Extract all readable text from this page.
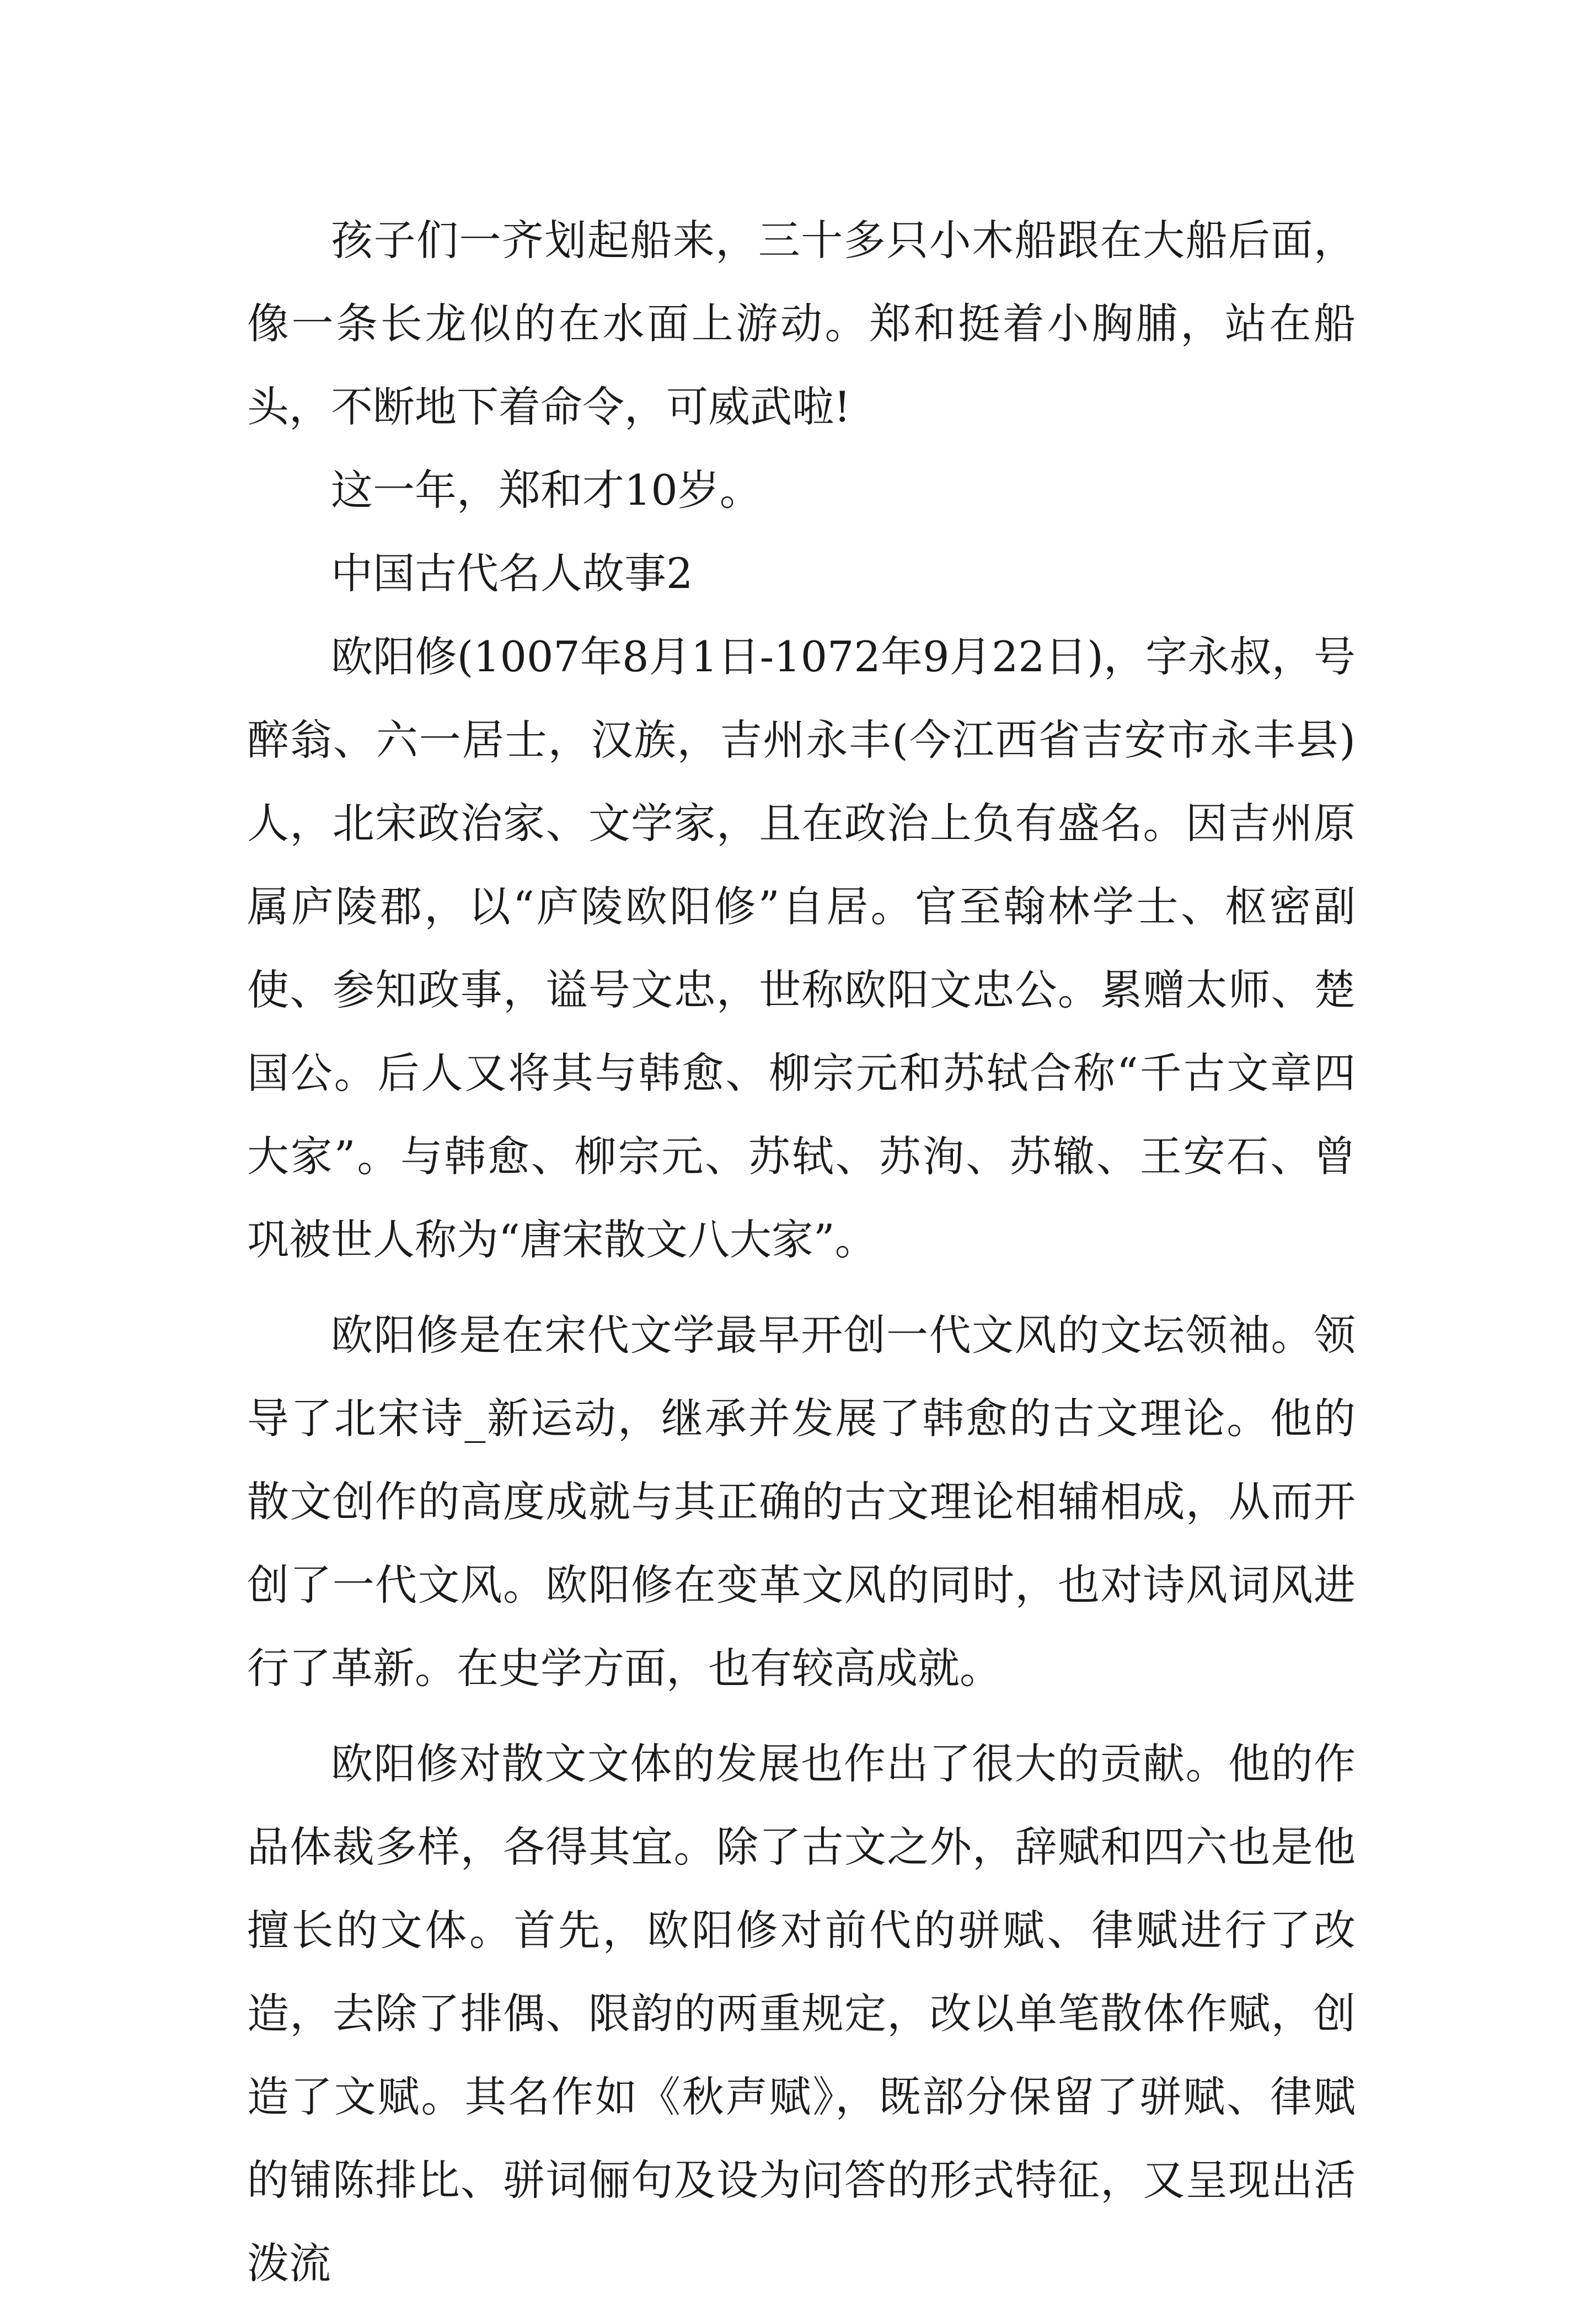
孩子们一齐划起船来，三十多只小木船跟在大船后面，像一条长龙似的在水面上游动。郑和挺着小胸脯，站在船头，不断地下着命令，可威武啦!

这一年，郑和才10岁。

中国古代名人故事2

欧阳修(1007年8月1日-1072年9月22日)，字永叔，号醉翁、六一居士，汉族，吉州永丰(今江西省吉安市永丰县)人，北宋政治家、文学家，且在政治上负有盛名。因吉州原属庐陵郡，以“庐陵欧阳修”自居。官至翰林学士、枢密副使、参知政事，谥号文忠，世称欧阳文忠公。累赠太师、楚国公。后人又将其与韩愈、柳宗元和苏轼合称“千古文章四大家”。与韩愈、柳宗元、苏轼、苏洵、苏辙、王安石、曾巩被世人称为“唐宋散文八大家”。

欧阳修是在宋代文学最早开创一代文风的文坛领袖。领导了北宋诗_新运动，继承并发展了韩愈的古文理论。他的散文创作的高度成就与其正确的古文理论相辅相成，从而开创了一代文风。欧阳修在变革文风的同时，也对诗风词风进行了革新。在史学方面，也有较高成就。

欧阳修对散文文体的发展也作出了很大的贡献。他的作品体裁多样，各得其宜。除了古文之外，辞赋和四六也是他擅长的文体。首先，欧阳修对前代的骈赋、律赋进行了改造，去除了排偶、限韵的两重规定，改以单笔散体作赋，创造了文赋。其名作如《秋声赋》，既部分保留了骈赋、律赋的铺陈排比、骈词俪句及设为问答的形式特征，又呈现出活泼流
